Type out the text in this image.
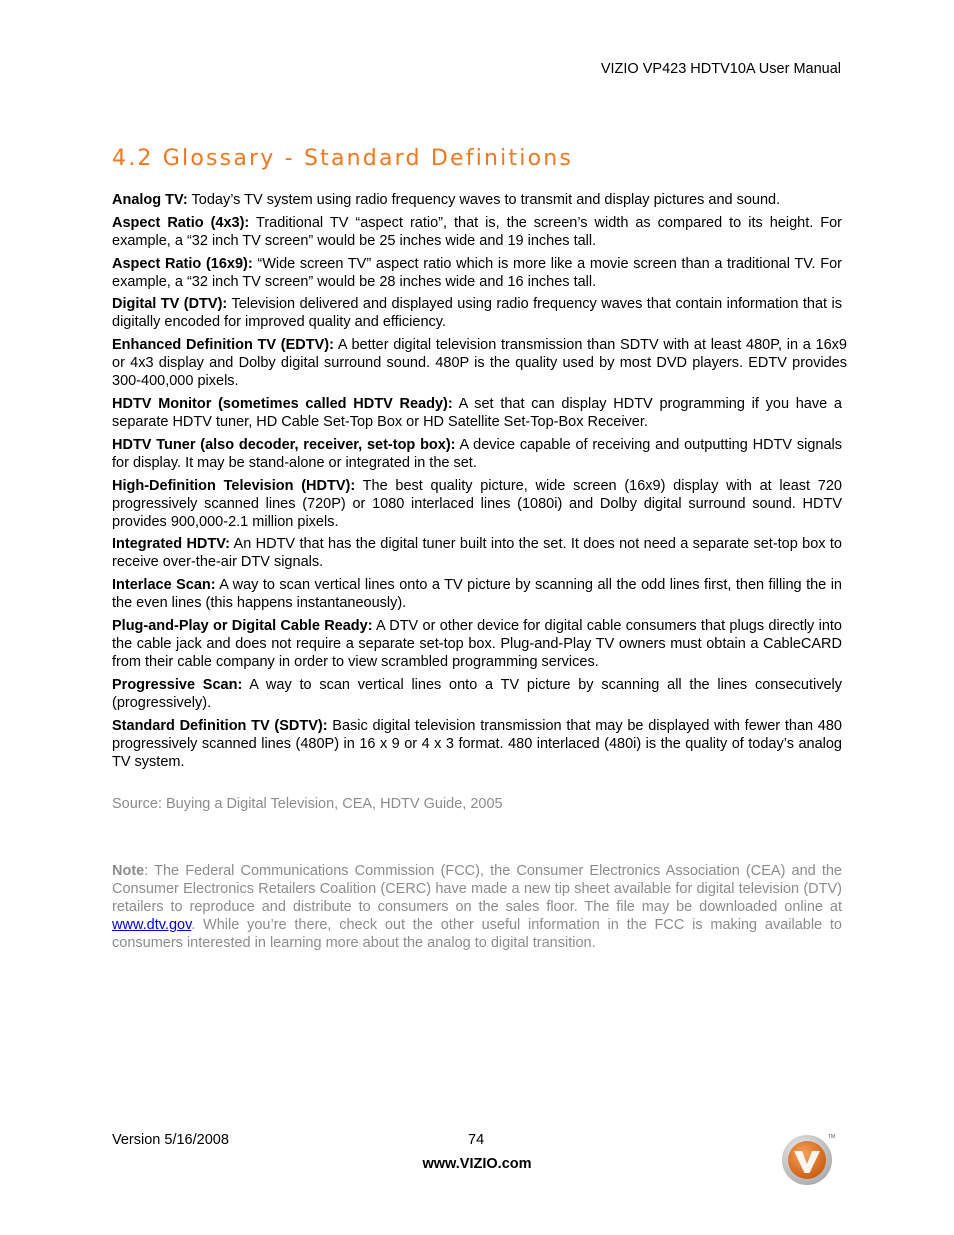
VIZIO VP423 HDTV10A User Manual
4.2 Glossary - Standard Definitions

Analog TV: Today’s TV system using radio frequency waves to transmit and display pictures and sound.

Aspect Ratio (4x3): Traditional TV “aspect ratio”, that is, the screen’s width as compared to its height. For example, a “32 inch TV screen” would be 25 inches wide and 19 inches tall.

Aspect Ratio (16x9): “Wide screen TV” aspect ratio which is more like a movie screen than a traditional TV. For example, a “32 inch TV screen” would be 28 inches wide and 16 inches tall.

Digital TV (DTV): Television delivered and displayed using radio frequency waves that contain information that is digitally encoded for improved quality and efficiency.

Enhanced Definition TV (EDTV): A better digital television transmission than SDTV with at least 480P, in a 16x9 or 4x3 display and Dolby digital surround sound. 480P is the quality used by most DVD players. EDTV provides 300-400,000 pixels.

HDTV Monitor (sometimes called HDTV Ready): A set that can display HDTV programming if you have a separate HDTV tuner, HD Cable Set-Top Box or HD Satellite Set-Top-Box Receiver.

HDTV Tuner (also decoder, receiver, set-top box): A device capable of receiving and outputting HDTV signals for display. It may be stand-alone or integrated in the set.

High-Definition Television (HDTV): The best quality picture, wide screen (16x9) display with at least 720 progressively scanned lines (720P) or 1080 interlaced lines (1080i) and Dolby digital surround sound. HDTV provides 900,000-2.1 million pixels.

Integrated HDTV: An HDTV that has the digital tuner built into the set. It does not need a separate set-top box to receive over-the-air DTV signals.

Interlace Scan: A way to scan vertical lines onto a TV picture by scanning all the odd lines first, then filling the in the even lines (this happens instantaneously).

Plug-and-Play or Digital Cable Ready: A DTV or other device for digital cable consumers that plugs directly into the cable jack and does not require a separate set-top box. Plug-and-Play TV owners must obtain a CableCARD from their cable company in order to view scrambled programming services.

Progressive Scan: A way to scan vertical lines onto a TV picture by scanning all the lines consecutively (progressively).

Standard Definition TV (SDTV): Basic digital television transmission that may be displayed with fewer than 480 progressively scanned lines (480P) in 16 x 9 or 4 x 3 format. 480 interlaced (480i) is the quality of today’s analog TV system.

Source: Buying a Digital Television, CEA, HDTV Guide, 2005

Note: The Federal Communications Commission (FCC), the Consumer Electronics Association (CEA) and the Consumer Electronics Retailers Coalition (CERC) have made a new tip sheet available for digital television (DTV) retailers to reproduce and distribute to consumers on the sales floor. The file may be downloaded online at www.dtv.gov. While you’re there, check out the other useful information in the FCC is making available to consumers interested in learning more about the analog to digital transition.

Version 5/16/2008	74
www.VIZIO.com
TM
